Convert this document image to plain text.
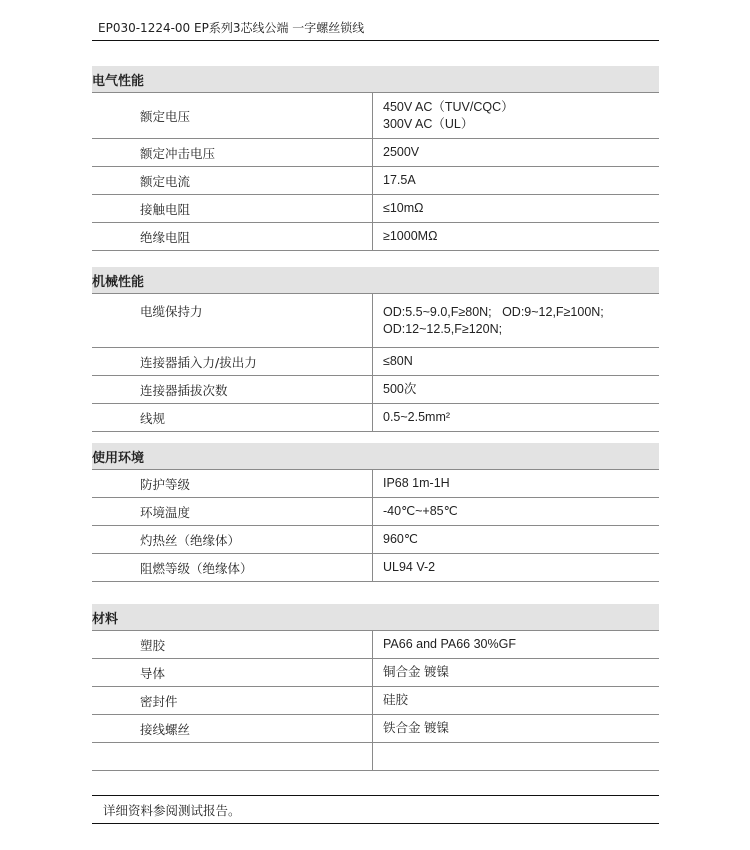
EP030-1224-00 EP系列3芯线公端 一字螺丝锁线
电气性能	
额定电压	450V AC（TUV/CQC）
300V AC（UL）

额定冲击电压	2500V
额定电流	17.5A
接触电阻	≤10mΩ
绝缘电阻	≥1000MΩ
机械性能	
电缆保持力	OD:5.5~9.0,F≥80N;   OD:9~12,F≥100N;
OD:12~12.5,F≥120N;

连接器插入力/拔出力	≤80N
连接器插拔次数	500次
线规	0.5~2.5mm²
使用环境	
防护等级	IP68 1m-1H
环境温度	-40℃~+85℃
灼热丝（绝缘体）	960℃
阻燃等级（绝缘体）	UL94 V-2
材料	
塑胶	PA66 and PA66 30%GF
导体	铜合金 镀镍
密封件	硅胶
接线螺丝	铁合金 镀镍

详细资料参阅测试报告。
